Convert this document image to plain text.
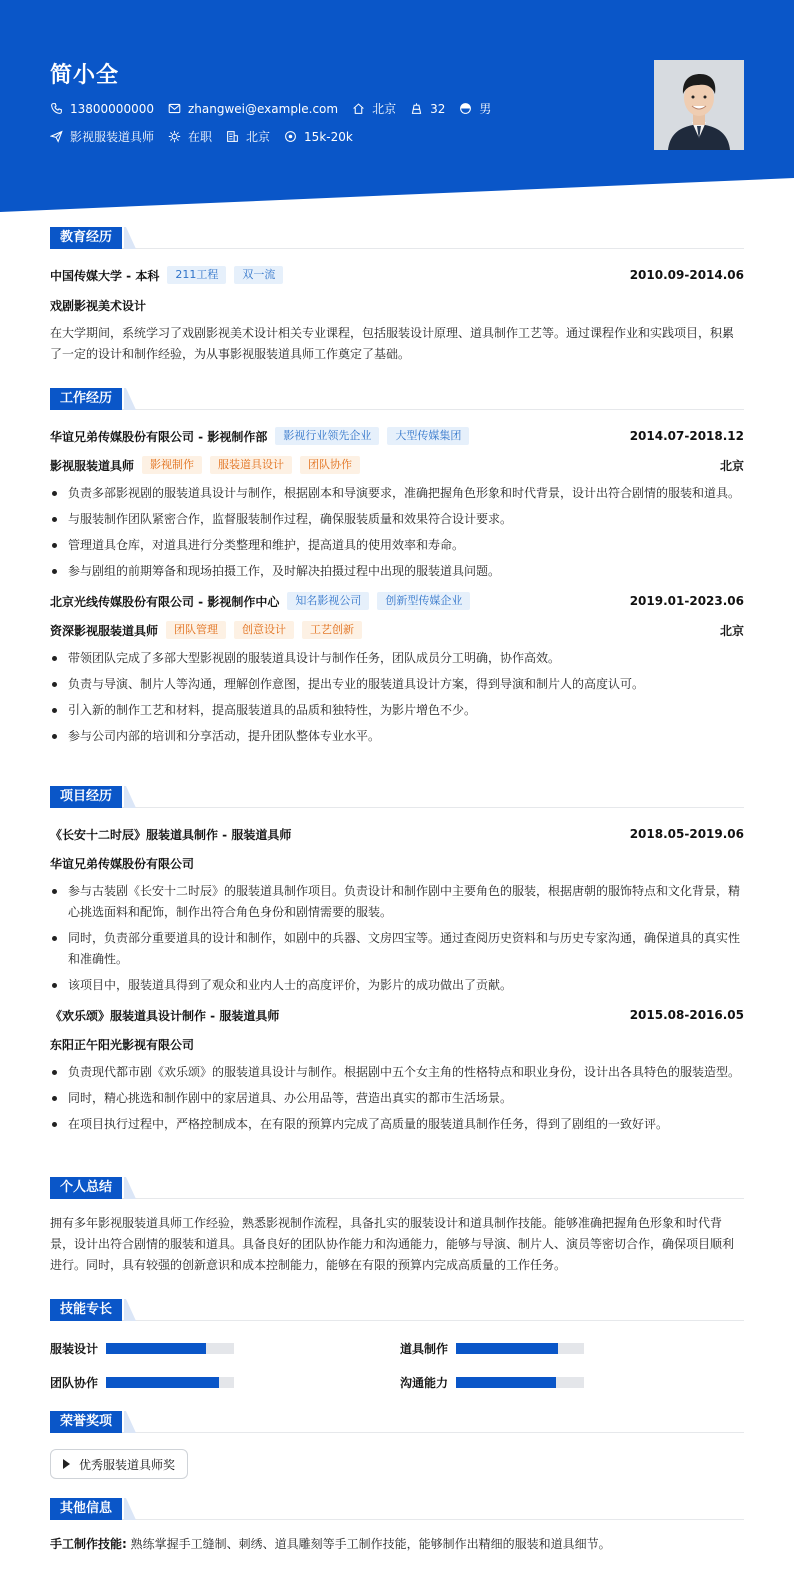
简小全
13800000000	zhangwei@example.com	北京	32	男
影视服装道具师	在职	北京	15k-20k
教育经历
中国传媒大学 - 本科	211工程	双一流	2010.09-2014.06
戏剧影视美术设计
在大学期间，系统学习了戏剧影视美术设计相关专业课程，包括服装设计原理、道具制作工艺等。通过课程作业和实践项目，积累了一定的设计和制作经验，为从事影视服装道具师工作奠定了基础。
工作经历
华谊兄弟传媒股份有限公司 - 影视制作部	影视行业领先企业	大型传媒集团	2014.07-2018.12
影视服装道具师	影视制作	服装道具设计	团队协作	北京
负责多部影视剧的服装道具设计与制作，根据剧本和导演要求，准确把握角色形象和时代背景，设计出符合剧情的服装和道具。
与服装制作团队紧密合作，监督服装制作过程，确保服装质量和效果符合设计要求。
管理道具仓库，对道具进行分类整理和维护，提高道具的使用效率和寿命。
参与剧组的前期筹备和现场拍摄工作，及时解决拍摄过程中出现的服装道具问题。
北京光线传媒股份有限公司 - 影视制作中心	知名影视公司	创新型传媒企业	2019.01-2023.06
资深影视服装道具师	团队管理	创意设计	工艺创新	北京
带领团队完成了多部大型影视剧的服装道具设计与制作任务，团队成员分工明确，协作高效。
负责与导演、制片人等沟通，理解创作意图，提出专业的服装道具设计方案，得到导演和制片人的高度认可。
引入新的制作工艺和材料，提高服装道具的品质和独特性，为影片增色不少。
参与公司内部的培训和分享活动，提升团队整体专业水平。
项目经历
《长安十二时辰》服装道具制作 - 服装道具师	2018.05-2019.06
华谊兄弟传媒股份有限公司
参与古装剧《长安十二时辰》的服装道具制作项目。负责设计和制作剧中主要角色的服装，根据唐朝的服饰特点和文化背景，精心挑选面料和配饰，制作出符合角色身份和剧情需要的服装。
同时，负责部分重要道具的设计和制作，如剧中的兵器、文房四宝等。通过查阅历史资料和与历史专家沟通，确保道具的真实性和准确性。
该项目中，服装道具得到了观众和业内人士的高度评价，为影片的成功做出了贡献。
《欢乐颂》服装道具设计制作 - 服装道具师	2015.08-2016.05
东阳正午阳光影视有限公司
负责现代都市剧《欢乐颂》的服装道具设计与制作。根据剧中五个女主角的性格特点和职业身份，设计出各具特色的服装造型。
同时，精心挑选和制作剧中的家居道具、办公用品等，营造出真实的都市生活场景。
在项目执行过程中，严格控制成本，在有限的预算内完成了高质量的服装道具制作任务，得到了剧组的一致好评。
个人总结
拥有多年影视服装道具师工作经验，熟悉影视制作流程，具备扎实的服装设计和道具制作技能。能够准确把握角色形象和时代背景，设计出符合剧情的服装和道具。具备良好的团队协作能力和沟通能力，能够与导演、制片人、演员等密切合作，确保项目顺利进行。同时，具有较强的创新意识和成本控制能力，能够在有限的预算内完成高质量的工作任务。
技能专长
服装设计	道具制作
团队协作	沟通能力
荣誉奖项
优秀服装道具师奖
其他信息
手工制作技能: 熟练掌握手工缝制、刺绣、道具雕刻等手工制作技能，能够制作出精细的服装和道具细节。
